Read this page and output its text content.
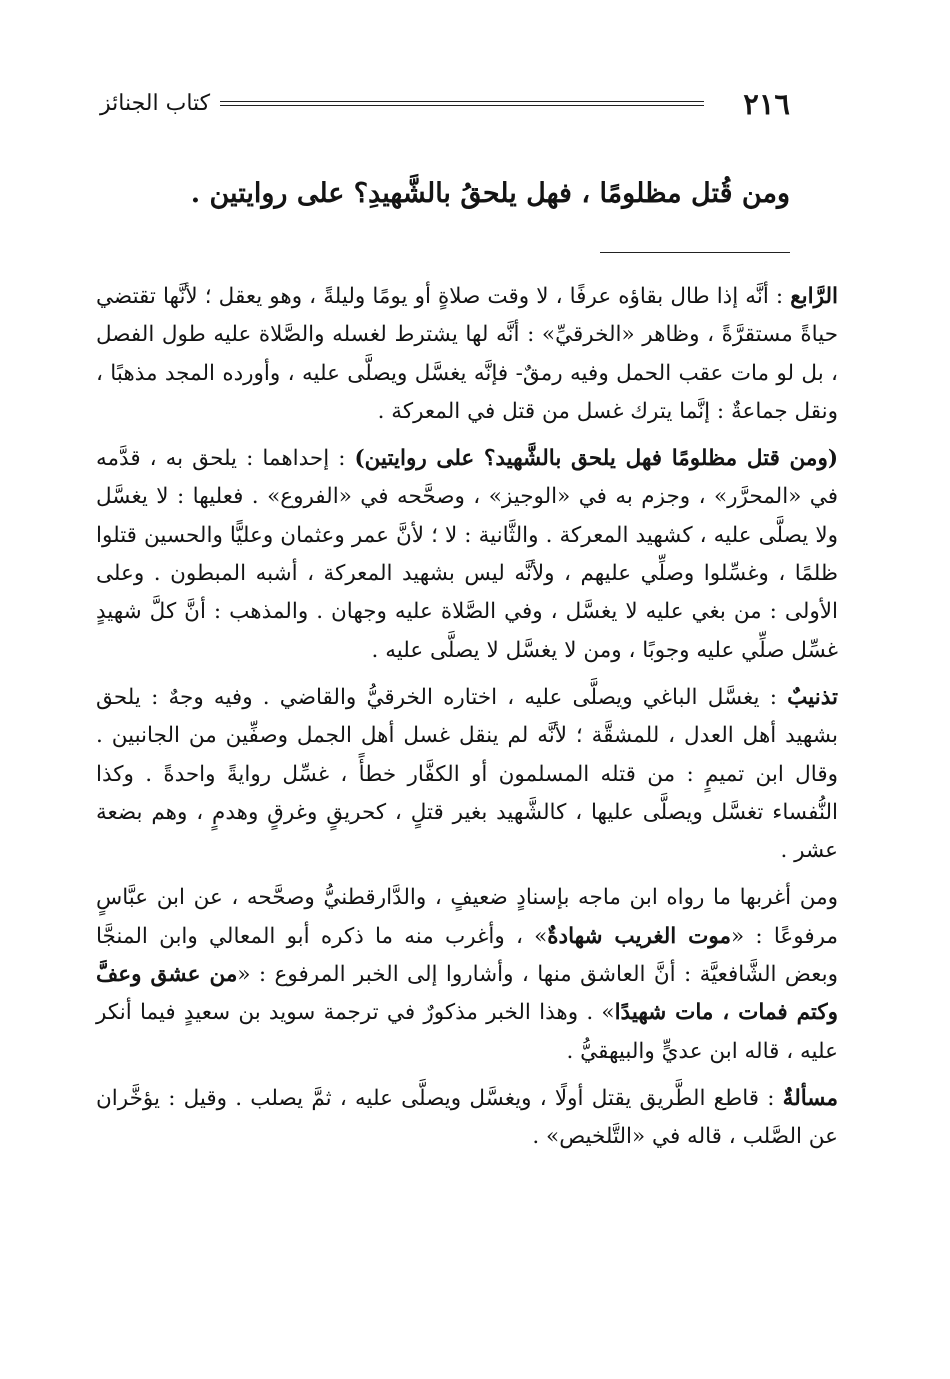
٢١٦
كتاب الجنائز
ومن قُتل مظلومًا ، فهل يلحقُ بالشَّهيدِ؟ على روايتين .

الرَّابع : أنَّه إذا طال بقاؤه عرفًا ، لا وقت صلاةٍ أو يومًا وليلةً ، وهو يعقل ؛ لأنَّها تقتضي حياةً مستقرَّةً ، وظاهر «الخرقيِّ» : أنَّه لها يشترط لغسله والصَّلاة عليه طول الفصل ، بل لو مات عقب الحمل وفيه رمقٌ- فإنَّه يغسَّل ويصلَّى عليه ، وأورده المجد مذهبًا ، ونقل جماعةٌ : إنَّما يترك غسل من قتل في المعركة .

(ومن قتل مظلومًا فهل يلحق بالشَّهيد؟ على روايتين) : إحداهما : يلحق به ، قدَّمه في «المحرَّر» ، وجزم به في «الوجيز» ، وصحَّحه في «الفروع» . فعليها : لا يغسَّل ولا يصلَّى عليه ، كشهيد المعركة . والثَّانية : لا ؛ لأنَّ عمر وعثمان وعليًّا والحسين قتلوا ظلمًا ، وغسِّلوا وصلِّي عليهم ، ولأنَّه ليس بشهيد المعركة ، أشبه المبطون . وعلى الأولى : من بغي عليه لا يغسَّل ، وفي الصَّلاة عليه وجهان . والمذهب : أنَّ كلَّ شهيدٍ غسِّل صلِّي عليه وجوبًا ، ومن لا يغسَّل لا يصلَّى عليه .

تذنيبٌ : يغسَّل الباغي ويصلَّى عليه ، اختاره الخرقيُّ والقاضي . وفيه وجهٌ : يلحق بشهيد أهل العدل ، للمشقَّة ؛ لأنَّه لم ينقل غسل أهل الجمل وصفِّين من الجانبين . وقال ابن تميمٍ : من قتله المسلمون أو الكفَّار خطأً ، غسِّل روايةً واحدةً . وكذا النُّفساء تغسَّل ويصلَّى عليها ، كالشَّهيد بغير قتلٍ ، كحريقٍ وغرقٍ وهدمٍ ، وهم بضعة عشر .

ومن أغربها ما رواه ابن ماجه بإسنادٍ ضعيفٍ ، والدَّارقطنيُّ وصحَّحه ، عن ابن عبَّاسٍ مرفوعًا : «موت الغريب شهادةٌ» ، وأغرب منه ما ذكره أبو المعالي وابن المنجَّا وبعض الشَّافعيَّة : أنَّ العاشق منها ، وأشاروا إلى الخبر المرفوع : «من عشق وعفَّ وكتم فمات ، مات شهيدًا» . وهذا الخبر مذكورٌ في ترجمة سويد بن سعيدٍ فيما أنكر عليه ، قاله ابن عديٍّ والبيهقيُّ .

مسألةٌ : قاطع الطَّريق يقتل أولًا ، ويغسَّل ويصلَّى عليه ، ثمَّ يصلب . وقيل : يؤخَّران عن الصَّلب ، قاله في «التَّلخيص» .
